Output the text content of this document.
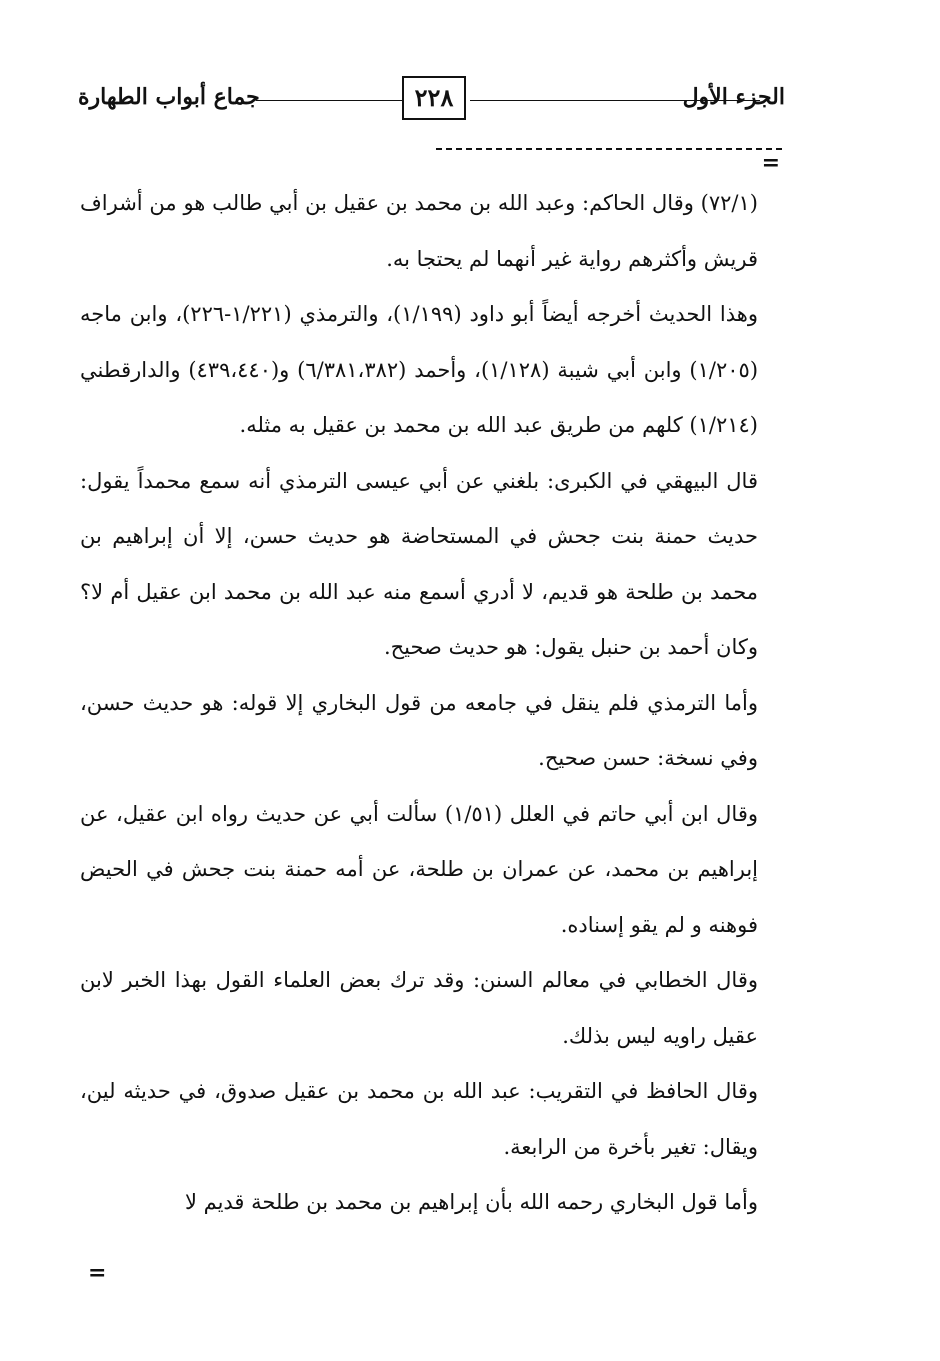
الجزء الأول
٢٢٨
جماع أبواب الطهارة
=

(٧٢/١) وقال الحاكم: وعبد الله بن محمد بن عقيل بن أبي طالب هو من أشراف قريش وأكثرهم رواية غير أنهما لم يحتجا به.

وهذا الحديث أخرجه أيضاً أبو داود (١/١٩٩)، والترمذي (١/٢٢١-٢٢٦)، وابن ماجه (١/٢٠٥) وابن أبي شيبة (١/١٢٨)، وأحمد (٦/٣٨١،٣٨٢) و(٤٣٩،٤٤٠) والدارقطني (١/٢١٤) كلهم من طريق عبد الله بن محمد بن عقيل به مثله.

قال البيهقي في الكبرى: بلغني عن أبي عيسى الترمذي أنه سمع محمداً يقول: حديث حمنة بنت جحش في المستحاضة هو حديث حسن، إلا أن إبراهيم بن محمد بن طلحة هو قديم، لا أدري أسمع منه عبد الله بن محمد ابن عقيل أم لا؟ وكان أحمد بن حنبل يقول: هو حديث صحيح.

وأما الترمذي فلم ينقل في جامعه من قول البخاري إلا قوله: هو حديث حسن، وفي نسخة: حسن صحيح.

وقال ابن أبي حاتم في العلل (١/٥١) سألت أبي عن حديث رواه ابن عقيل، عن إبراهيم بن محمد، عن عمران بن طلحة، عن أمه حمنة بنت جحش في الحيض فوهنه و لم يقو إسناده.

وقال الخطابي في معالم السنن: وقد ترك بعض العلماء القول بهذا الخبر لابن عقيل راويه ليس بذلك.

وقال الحافظ في التقريب: عبد الله بن محمد بن عقيل صدوق، في حديثه لين، ويقال: تغير بأخرة من الرابعة.

وأما قول البخاري رحمه الله بأن إبراهيم بن محمد بن طلحة قديم لا

=
